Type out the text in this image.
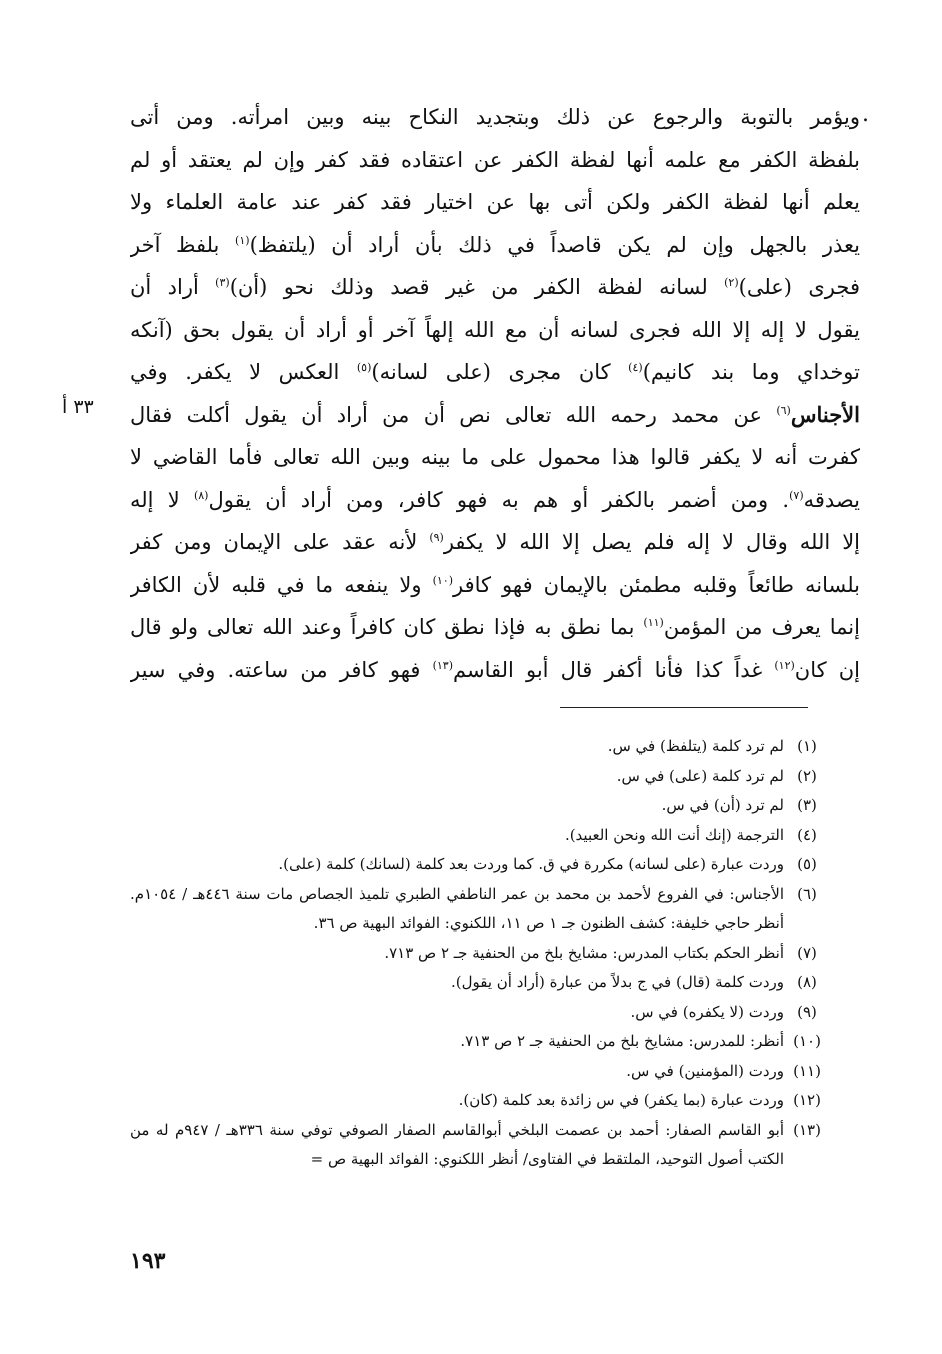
.
ويؤمر بالتوبة والرجوع عن ذلك وبتجديد النكاح بينه وبين امرأته. ومن أتى
بلفظة الكفر مع علمه أنها لفظة الكفر عن اعتقاده فقد كفر وإن لم يعتقد أو لم
يعلم أنها لفظة الكفر ولكن أتى بها عن اختيار فقد كفر عند عامة العلماء ولا
يعذر بالجهل وإن لم يكن قاصداً في ذلك بأن أراد أن (يلتفظ)$^{(١)}$ بلفظ آخر
فجرى (على)$^{(٢)}$ لسانه لفظة الكفر من غير قصد وذلك نحو (أن)$^{(٣)}$ أراد أن
يقول لا إله إلا الله فجرى لسانه أن مع الله إلهاً آخر أو أراد أن يقول بحق (آنكه
توخداي وما بند كانيم)$^{(٤)}$ كان مجرى (على لسانه)$^{(٥)}$ العكس لا يكفر. وفي
الأجناس$^{(٦)}$ عن محمد رحمه الله تعالى نص أن من أراد أن يقول أكلت فقال
كفرت أنه لا يكفر قالوا هذا محمول على ما بينه وبين الله تعالى فأما القاضي لا
يصدقه$^{(٧)}$. ومن أضمر بالكفر أو هم به فهو كافر، ومن أراد أن يقول$^{(٨)}$ لا إله
إلا الله وقال لا إله فلم يصل إلا الله لا يكفر$^{(٩)}$ لأنه عقد على الإيمان ومن كفر
بلسانه طائعاً وقلبه مطمئن بالإيمان فهو كافر$^{(١٠)}$ ولا ينفعه ما في قلبه لأن الكافر
إنما يعرف من المؤمن$^{(١١)}$ بما نطق به فإذا نطق كان كافراً وعند الله تعالى ولو قال
إن كان$^{(١٢)}$ غداً كذا فأنا أكفر قال أبو القاسم$^{(١٣)}$ فهو كافر من ساعته. وفي سير
٣٣ أ
(١)
لم ترد كلمة (يتلفظ) في س.
(٢)
لم ترد كلمة (على) في س.
(٣)
لم ترد (أن) في س.
(٤)
الترجمة (إنك أنت الله ونحن العبيد).
(٥)
وردت عبارة (على لسانه) مكررة في ق. كما وردت بعد كلمة (لسانك) كلمة (على).
(٦)
الأجناس: في الفروع لأحمد بن محمد بن عمر الناطفي الطبري تلميذ الجصاص مات سنة ٤٤٦هـ / ١٠٥٤م. أنظر حاجي خليفة: كشف الظنون جـ ١ ص ١١، اللكنوي: الفوائد البهية ص ٣٦.
(٧)
أنظر الحكم بكتاب المدرس: مشايخ بلخ من الحنفية جـ ٢ ص ٧١٣.
(٨)
وردت كلمة (قال) في ج بدلاً من عبارة (أراد أن يقول).
(٩)
وردت (لا يكفره) في س.
(١٠)
أنظر: للمدرس: مشايخ بلخ من الحنفية جـ ٢ ص ٧١٣.
(١١)
وردت (المؤمنين) في س.
(١٢)
وردت عبارة (بما يكفر) في س زائدة بعد كلمة (كان).
(١٣)
أبو القاسم الصفار: أحمد بن عصمت البلخي أبوالقاسم الصفار الصوفي توفي سنة ٣٣٦هـ / ٩٤٧م له من الكتب أصول التوحيد، الملتقط في الفتاوى/ أنظر اللكنوي: الفوائد البهية ص =
١٩٣
